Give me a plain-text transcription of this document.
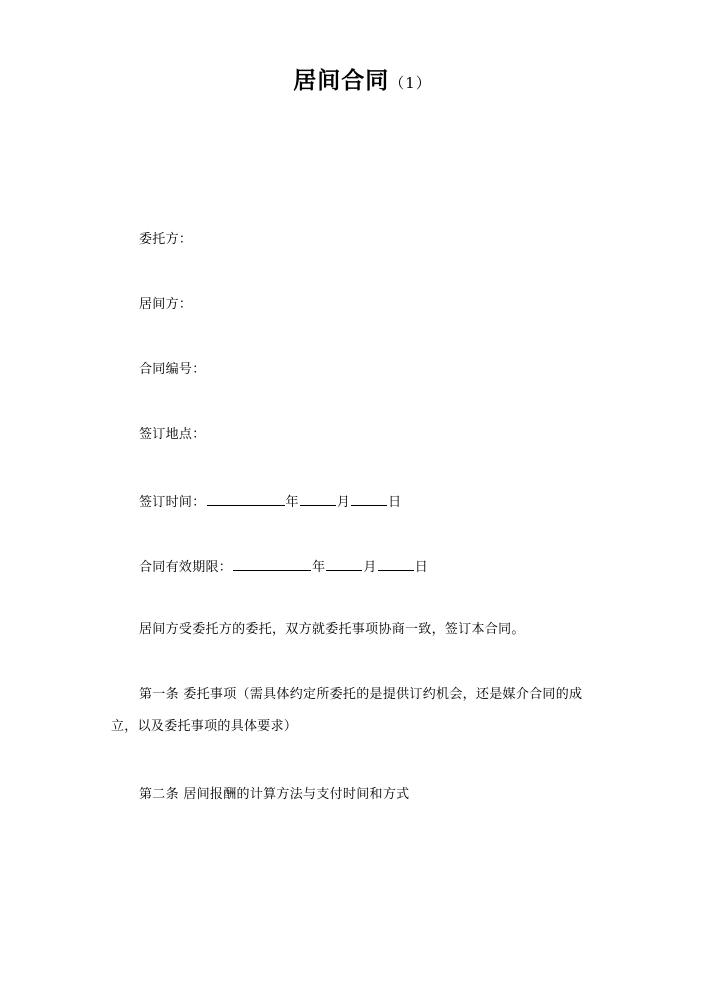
居间合同（1）
委托方：
居间方：
合同编号：
签订地点：
签订时间：	年	月	日
合同有效期限：	年	月	日
居间方受委托方的委托，双方就委托事项协商一致，签订本合同。
第一条 委托事项（需具体约定所委托的是提供订约机会，还是媒介合同的成
立，以及委托事项的具体要求）
第二条 居间报酬的计算方法与支付时间和方式
